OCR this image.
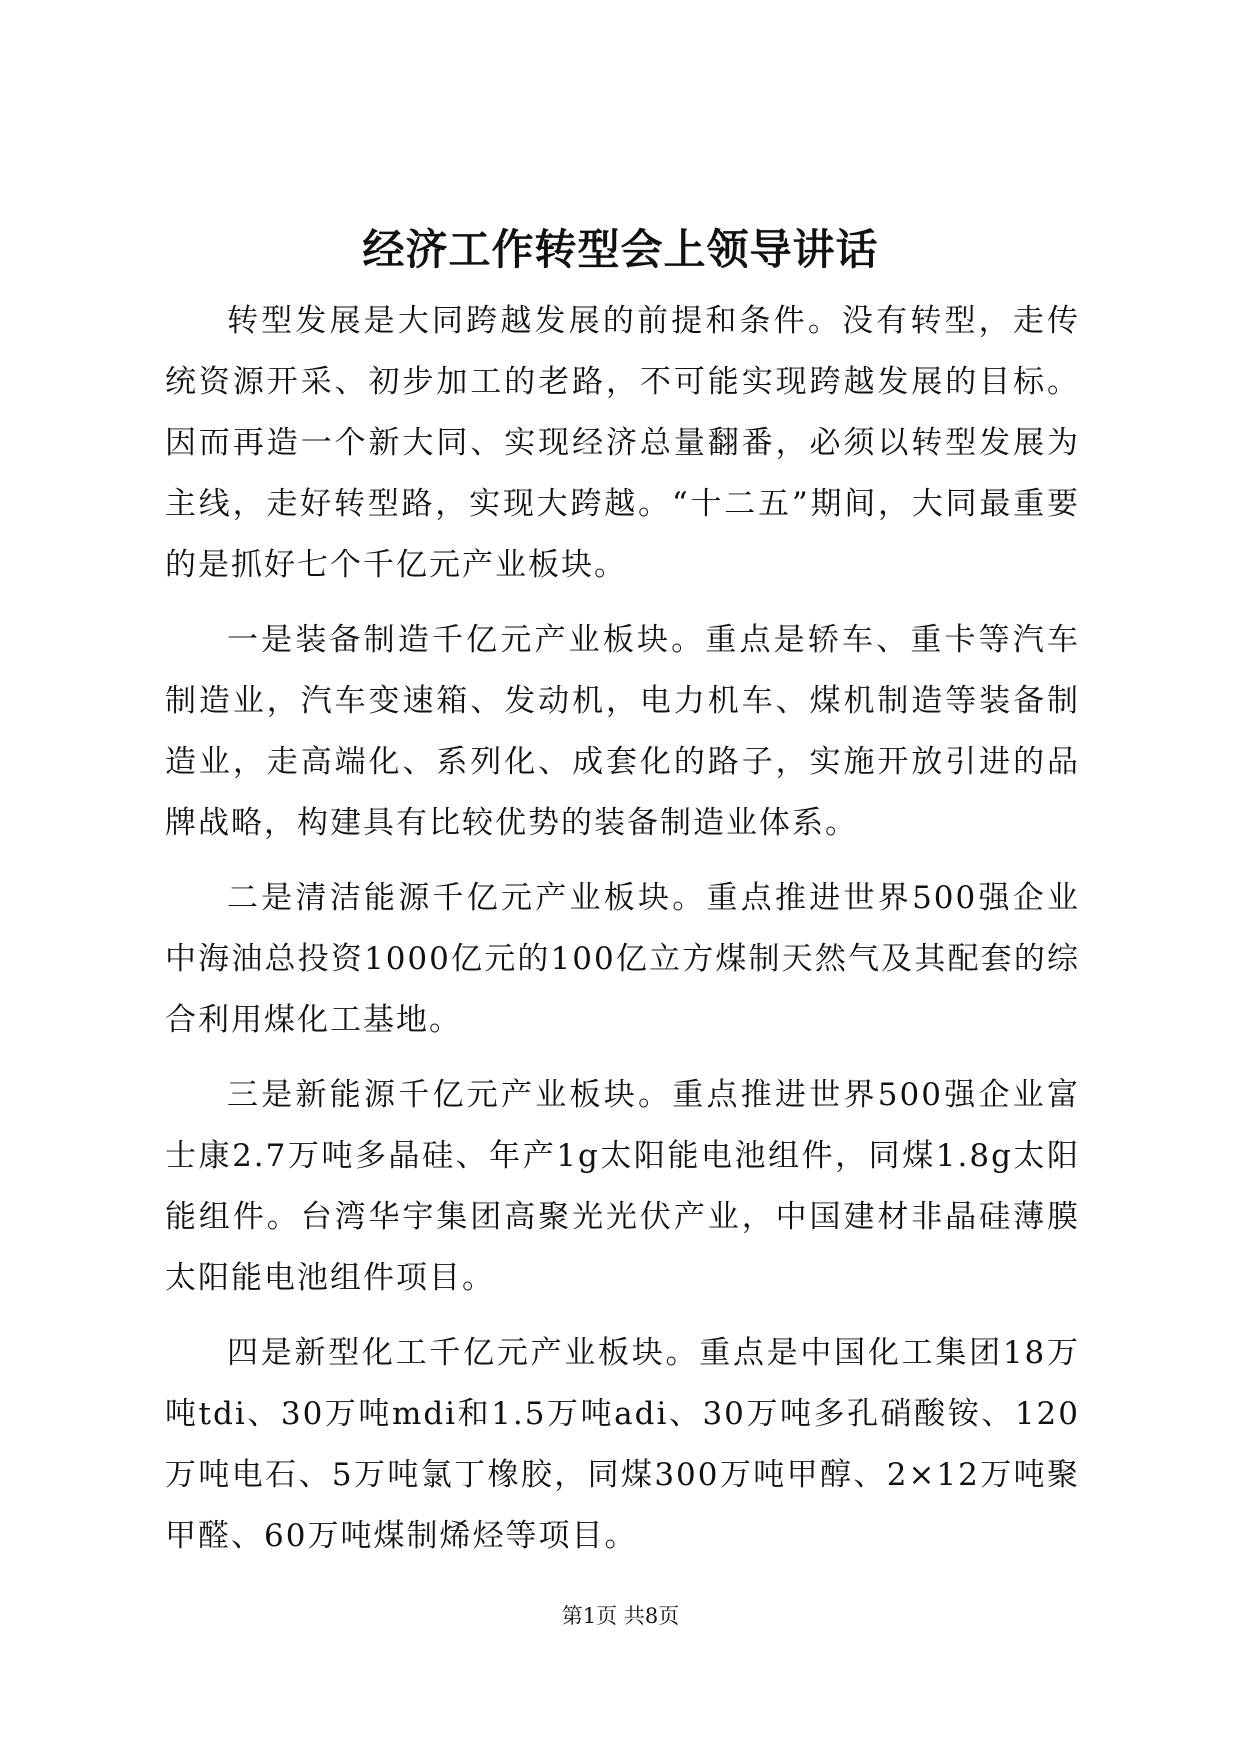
经济工作转型会上领导讲话

转型发展是大同跨越发展的前提和条件。没有转型，走传统资源开采、初步加工的老路，不可能实现跨越发展的目标。因而再造一个新大同、实现经济总量翻番，必须以转型发展为主线，走好转型路，实现大跨越。“十二五”期间，大同最重要的是抓好七个千亿元产业板块。

一是装备制造千亿元产业板块。重点是轿车、重卡等汽车制造业，汽车变速箱、发动机，电力机车、煤机制造等装备制造业，走高端化、系列化、成套化的路子，实施开放引进的品牌战略，构建具有比较优势的装备制造业体系。

二是清洁能源千亿元产业板块。重点推进世界500强企业中海油总投资1000亿元的100亿立方煤制天然气及其配套的综合利用煤化工基地。

三是新能源千亿元产业板块。重点推进世界500强企业富士康2.7万吨多晶硅、年产1g太阳能电池组件，同煤1.8g太阳能组件。台湾华宇集团高聚光光伏产业，中国建材非晶硅薄膜太阳能电池组件项目。

四是新型化工千亿元产业板块。重点是中国化工集团18万吨tdi、30万吨mdi和1.5万吨adi、30万吨多孔硝酸铵、120万吨电石、5万吨氯丁橡胶，同煤300万吨甲醇、2×12万吨聚甲醛、60万吨煤制烯烃等项目。

第1页 共8页
